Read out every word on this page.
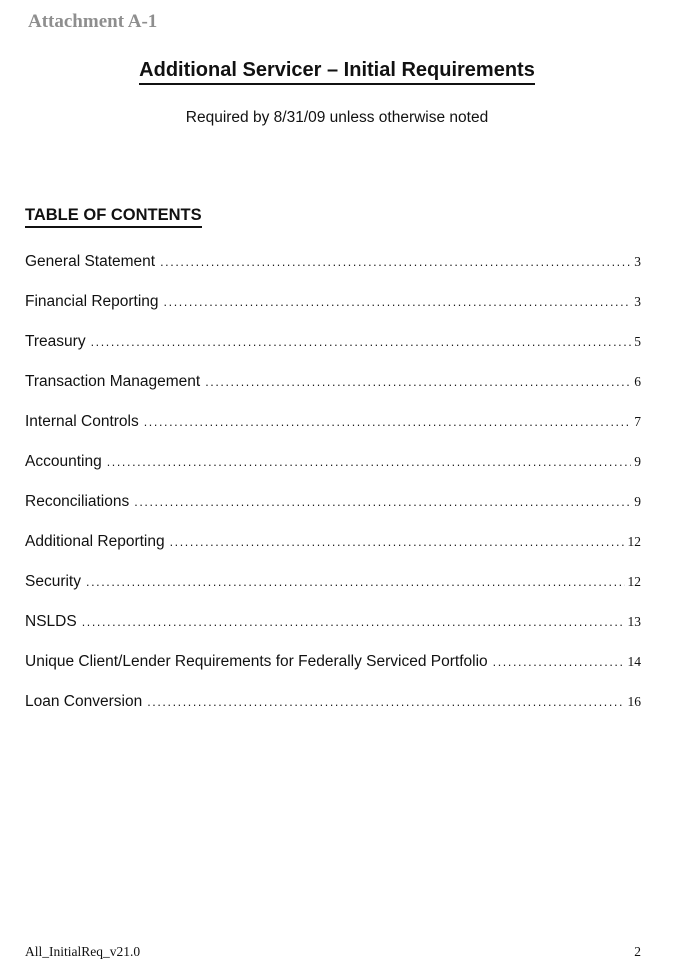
Attachment A-1
Additional Servicer – Initial Requirements
Required by 8/31/09 unless otherwise noted
TABLE OF CONTENTS
General Statement .....	3
Financial Reporting .....	3
Treasury .....	5
Transaction Management .....	6
Internal Controls .....	7
Accounting .....	9
Reconciliations .....	9
Additional Reporting .....	12
Security .....	12
NSLDS .....	13
Unique Client/Lender Requirements for Federally Serviced Portfolio .....	14
Loan Conversion .....	16
All_InitialReq_v21.0	2
